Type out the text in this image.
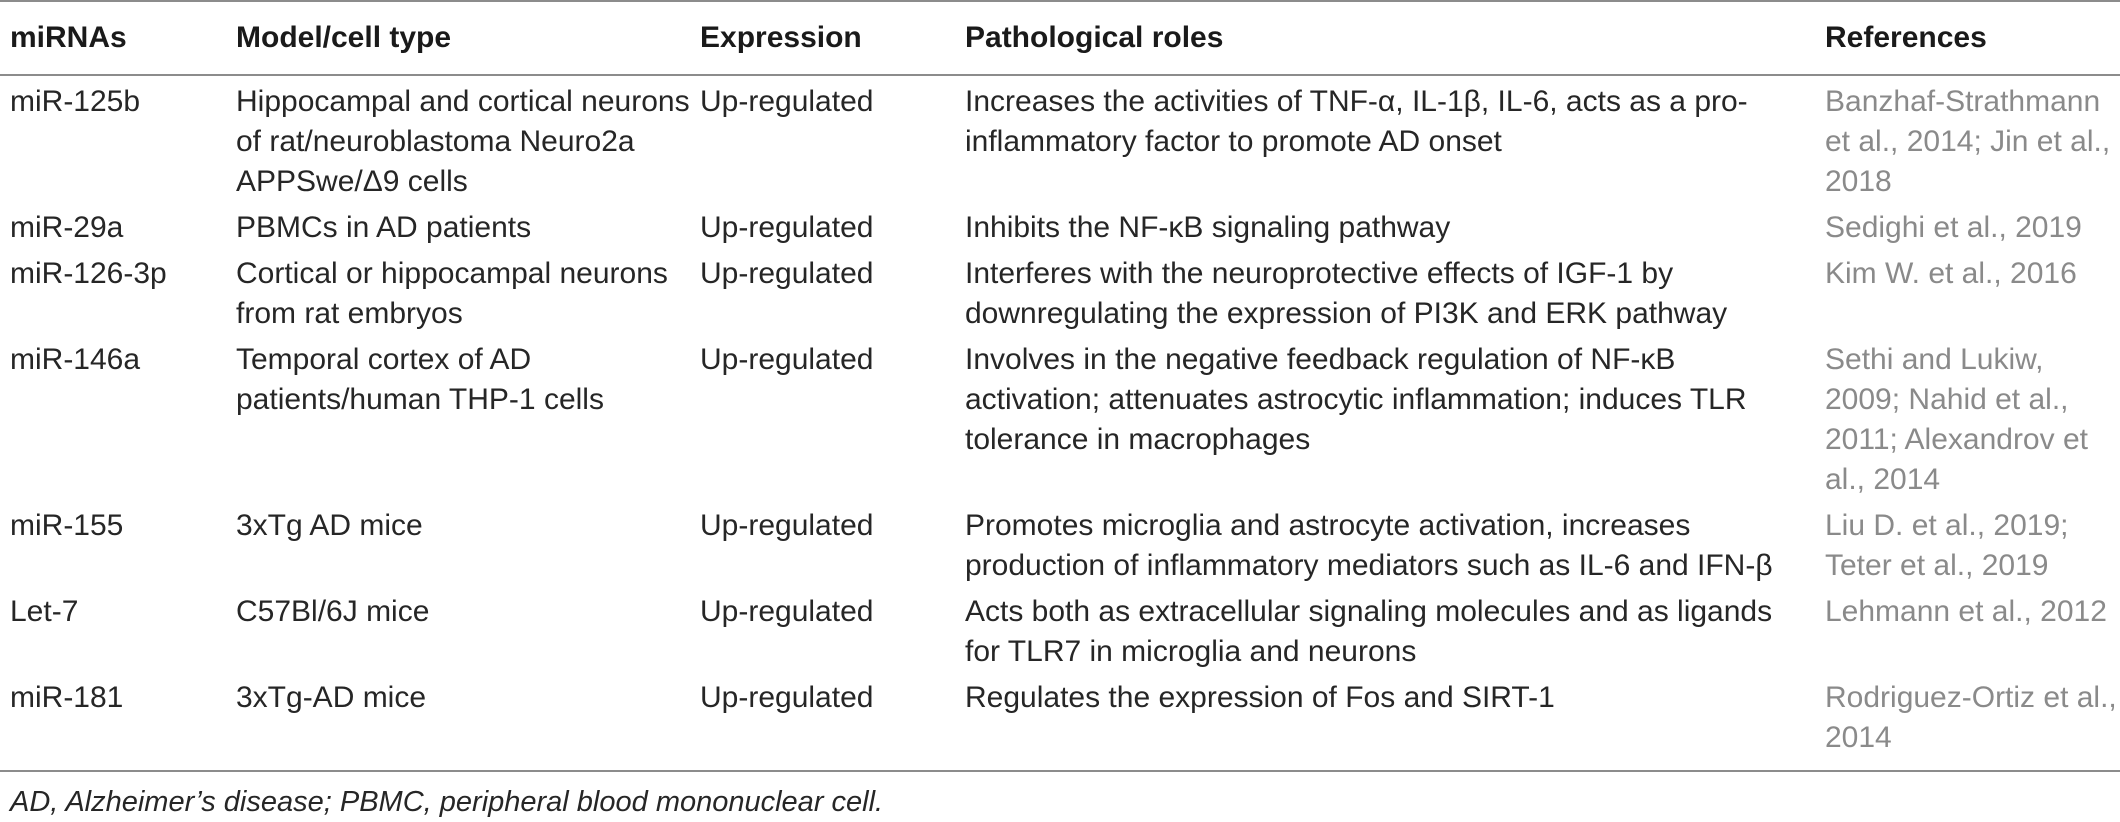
miRNAs	Model/cell type	Expression	Pathological roles	References
miR-125b	Hippocampal and cortical neurons of rat/neuroblastoma Neuro2a APPSwe/Δ9 cells	Up-regulated	Increases the activities of TNF-α, IL-1β, IL-6, acts as a pro-inflammatory factor to promote AD onset	Banzhaf-Strathmann et al., 2014; Jin et al., 2018
miR-29a	PBMCs in AD patients	Up-regulated	Inhibits the NF-κB signaling pathway	Sedighi et al., 2019
miR-126-3p	Cortical or hippocampal neurons from rat embryos	Up-regulated	Interferes with the neuroprotective effects of IGF-1 by downregulating the expression of PI3K and ERK pathway	Kim W. et al., 2016
miR-146a	Temporal cortex of AD patients/human THP-1 cells	Up-regulated	Involves in the negative feedback regulation of NF-κB activation; attenuates astrocytic inflammation; induces TLR tolerance in macrophages	Sethi and Lukiw, 2009; Nahid et al., 2011; Alexandrov et al., 2014
miR-155	3xTg AD mice	Up-regulated	Promotes microglia and astrocyte activation, increases production of inflammatory mediators such as IL-6 and IFN-β	Liu D. et al., 2019; Teter et al., 2019
Let-7	C57Bl/6J mice	Up-regulated	Acts both as extracellular signaling molecules and as ligands for TLR7 in microglia and neurons	Lehmann et al., 2012
miR-181	3xTg-AD mice	Up-regulated	Regulates the expression of Fos and SIRT-1	Rodriguez-Ortiz et al., 2014
AD, Alzheimer’s disease; PBMC, peripheral blood mononuclear cell.
